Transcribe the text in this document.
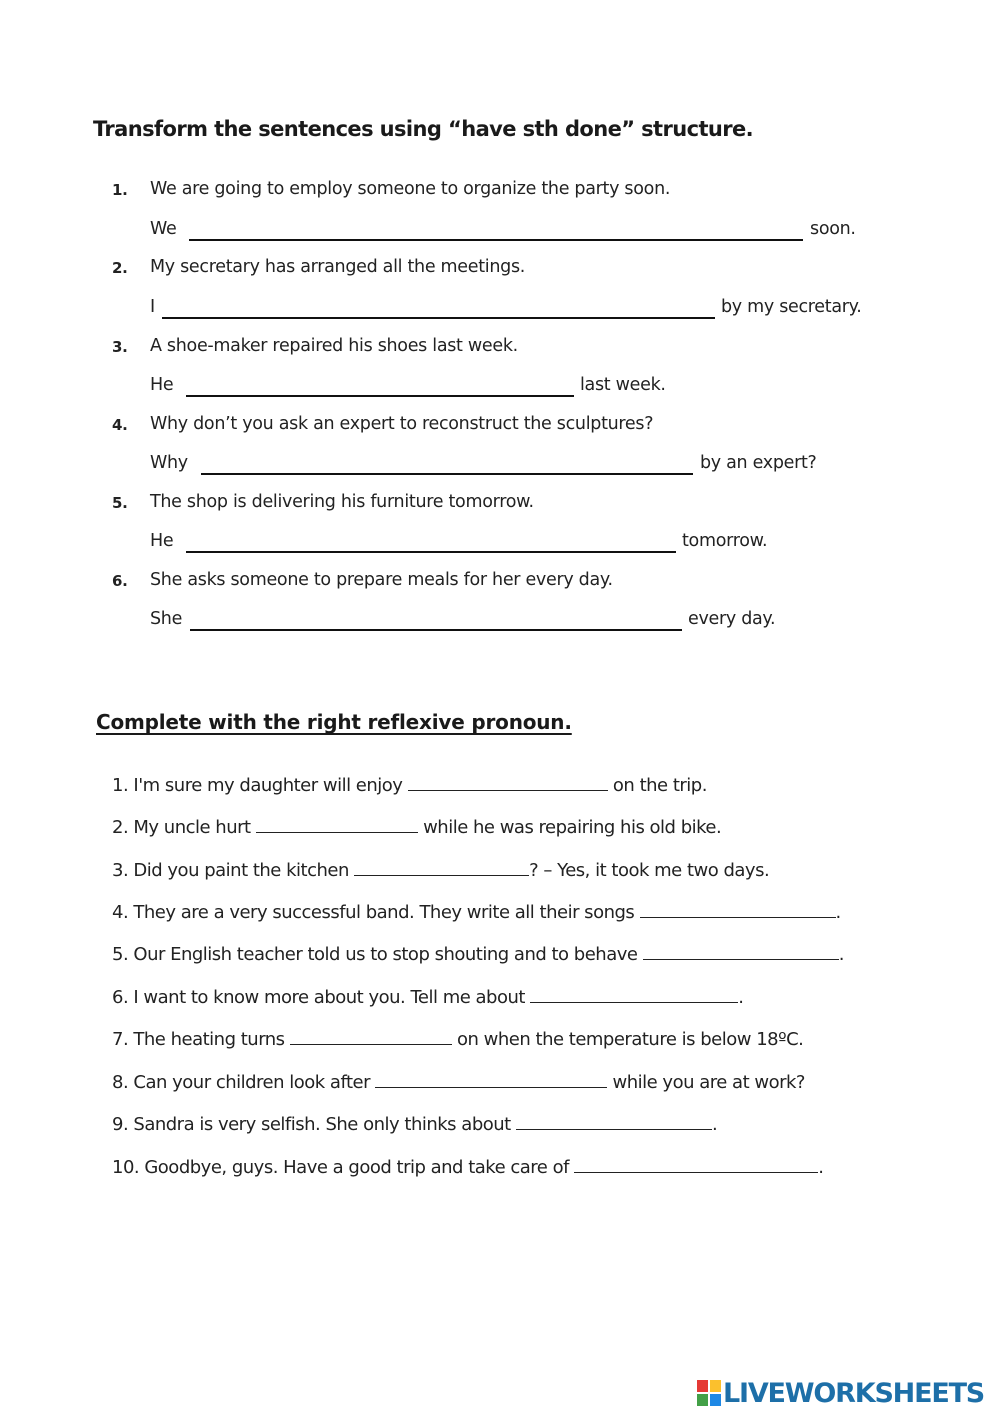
Transform the sentences using “have sth done” structure.
1. We are going to employ someone to organize the party soon.
We	soon.
2. My secretary has arranged all the meetings.
I	by my secretary.
3. A shoe-maker repaired his shoes last week.
He	last week.
4. Why don’t you ask an expert to reconstruct the sculptures?
Why	by an expert?
5. The shop is delivering his furniture tomorrow.
He	tomorrow.
6. She asks someone to prepare meals for her every day.
She	every day.
Complete with the right reflexive pronoun.
1. I'm sure my daughter will enjoy	on the trip.
2. My uncle hurt	while he was repairing his old bike.
3. Did you paint the kitchen	? – Yes, it took me two days.
4. They are a very successful band. They write all their songs	.
5. Our English teacher told us to stop shouting and to behave	.
6. I want to know more about you. Tell me about	.
7. The heating turns	on when the temperature is below 18ºC.
8. Can your children look after	while you are at work?
9. Sandra is very selfish. She only thinks about	.
10. Goodbye, guys. Have a good trip and take care of	.
LIVEWORKSHEETS
